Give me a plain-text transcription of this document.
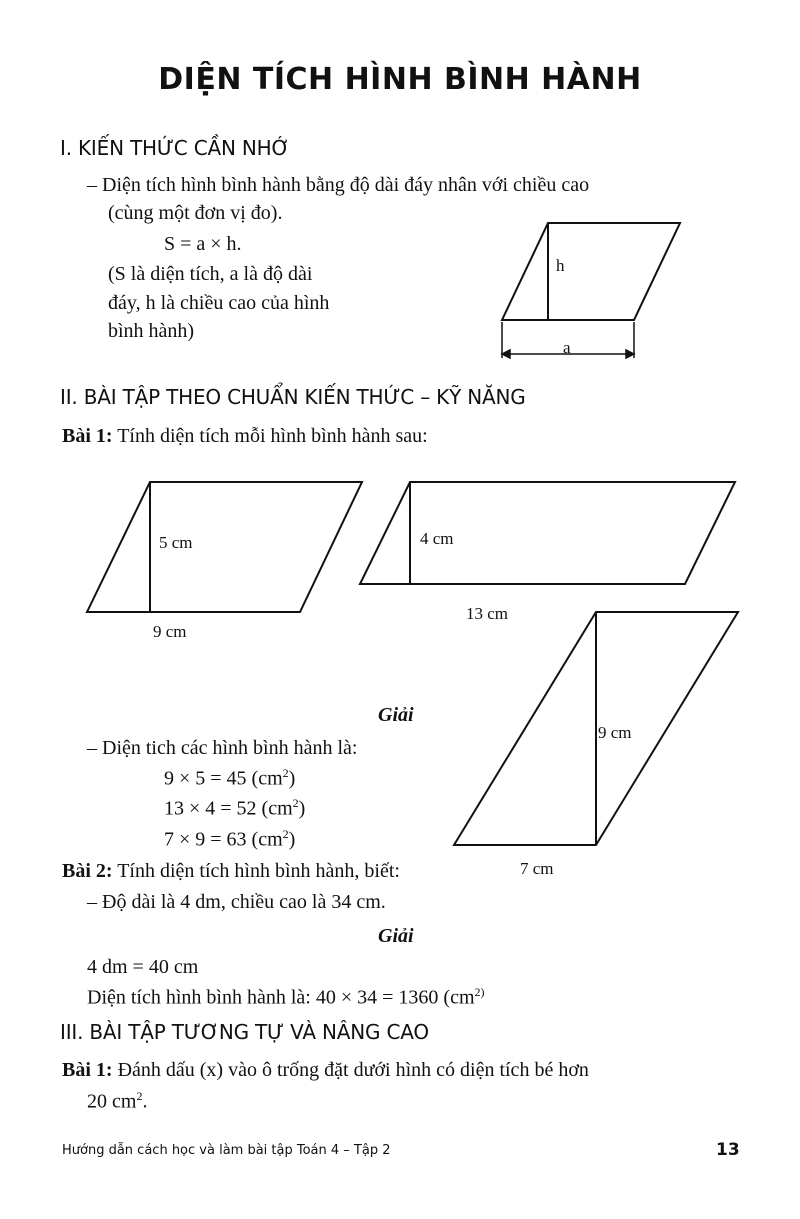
DIỆN TÍCH HÌNH BÌNH HÀNH
I. KIẾN THỨC CẦN NHỚ
– Diện tích hình bình hành bằng độ dài đáy nhân với chiều cao
(cùng một đơn vị đo).
S = a × h.
(S là diện tích, a là độ dài
đáy, h là chiều cao của hình
bình hành)
h
a
II. BÀI TẬP THEO CHUẨN KIẾN THỨC – KỸ NĂNG
Bài 1: Tính diện tích mỗi hình bình hành sau:
5 cm
9 cm
4 cm
13 cm
9 cm
7 cm
Giải
– Diện tich các hình bình hành là:
9 × 5 = 45 $(cm^2)$
13 × 4 = 52 $(cm^2)$
7 × 9 = 63 $(cm^2)$
Bài 2: Tính diện tích hình bình hành, biết:
– Độ dài là 4 dm, chiều cao là 34 cm.
Giải
4 dm = 40 cm
Diện tích hình bình hành là: 40 × 34 = 1360 ($cm^{2)}$
III. BÀI TẬP TƯƠNG TỰ VÀ NÂNG CAO
Bài 1: Đánh dấu (x) vào ô trống đặt dưới hình có diện tích bé hơn
20 $cm^2$.
Hướng dẫn cách học và làm bài tập Toán 4 – Tập 2	13
